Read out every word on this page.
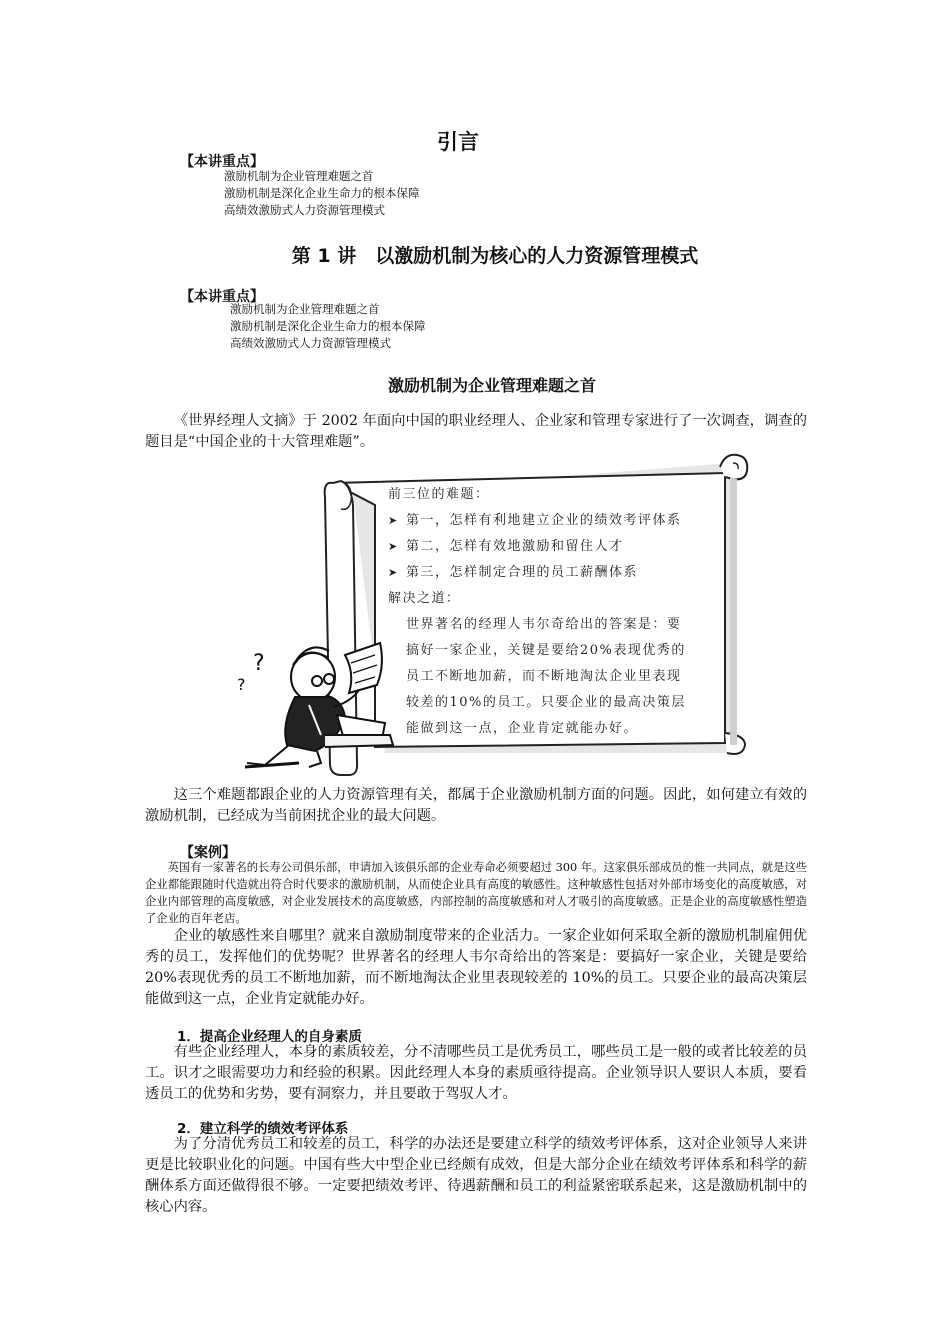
引言
【本讲重点】
激励机制为企业管理难题之首
激励机制是深化企业生命力的根本保障
高绩效激励式人力资源管理模式
第 1 讲　以激励机制为核心的人力资源管理模式
【本讲重点】
激励机制为企业管理难题之首
激励机制是深化企业生命力的根本保障
高绩效激励式人力资源管理模式
激励机制为企业管理难题之首

《世界经理人文摘》于 2002 年面向中国的职业经理人、企业家和管理专家进行了一次调查，调查的题目是“中国企业的十大管理难题”。

?
?
前三位的难题：
➤ 第一，怎样有利地建立企业的绩效考评体系
➤ 第二，怎样有效地激励和留住人才
➤ 第三，怎样制定合理的员工薪酬体系
解决之道：
世界著名的经理人韦尔奇给出的答案是：要
搞好一家企业，关键是要给20%表现优秀的
员工不断地加薪，而不断地淘汰企业里表现
较差的10%的员工。只要企业的最高决策层
能做到这一点，企业肯定就能办好。

这三个难题都跟企业的人力资源管理有关，都属于企业激励机制方面的问题。因此，如何建立有效的激励机制，已经成为当前困扰企业的最大问题。

【案例】

英国有一家著名的长寿公司俱乐部，申请加入该俱乐部的企业寿命必须要超过 300 年。这家俱乐部成员的惟一共同点，就是这些企业都能跟随时代造就出符合时代要求的激励机制，从而使企业具有高度的敏感性。这种敏感性包括对外部市场变化的高度敏感，对企业内部管理的高度敏感，对企业发展技术的高度敏感，内部控制的高度敏感和对人才吸引的高度敏感。正是企业的高度敏感性塑造了企业的百年老店。

企业的敏感性来自哪里？就来自激励制度带来的企业活力。一家企业如何采取全新的激励机制雇佣优秀的员工，发挥他们的优势呢？世界著名的经理人韦尔奇给出的答案是：要搞好一家企业，关键是要给 20%表现优秀的员工不断地加薪，而不断地淘汰企业里表现较差的 10%的员工。只要企业的最高决策层能做到这一点，企业肯定就能办好。

1．提高企业经理人的自身素质

有些企业经理人，本身的素质较差，分不清哪些员工是优秀员工，哪些员工是一般的或者比较差的员工。识才之眼需要功力和经验的积累。因此经理人本身的素质亟待提高。企业领导识人要识人本质，要看透员工的优势和劣势，要有洞察力，并且要敢于驾驭人才。

2．建立科学的绩效考评体系

为了分清优秀员工和较差的员工，科学的办法还是要建立科学的绩效考评体系，这对企业领导人来讲更是比较职业化的问题。中国有些大中型企业已经颇有成效，但是大部分企业在绩效考评体系和科学的薪酬体系方面还做得很不够。一定要把绩效考评、待遇薪酬和员工的利益紧密联系起来，这是激励机制中的核心内容。
